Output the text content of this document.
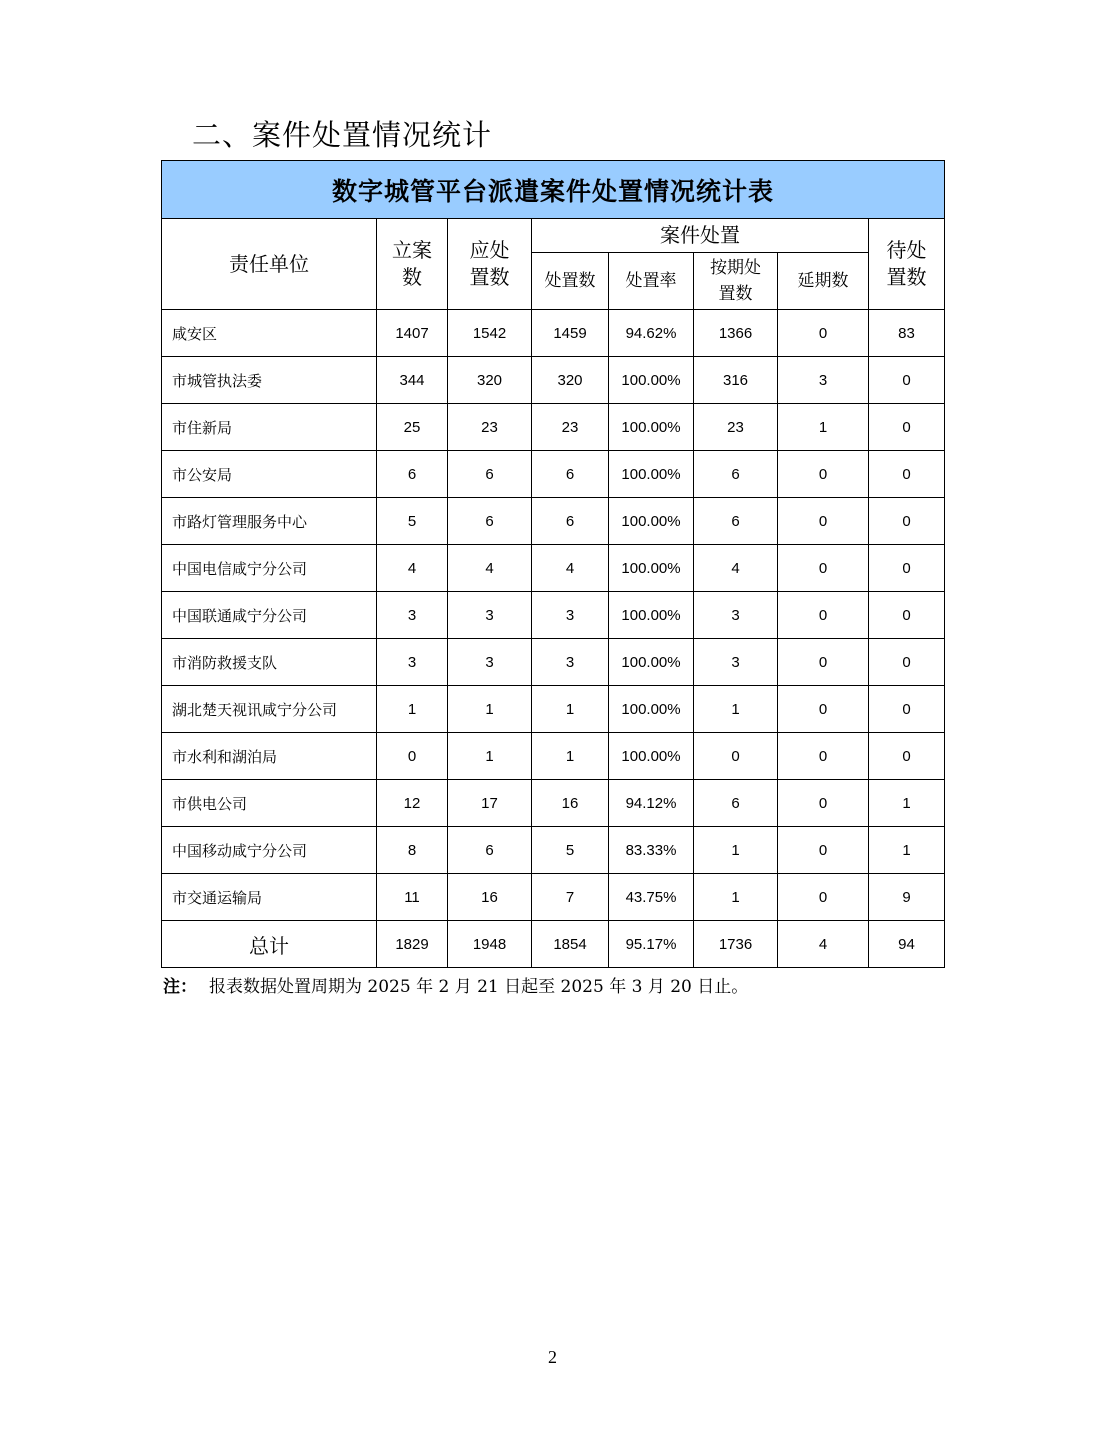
二、案件处置情况统计
数字城管平台派遣案件处置情况统计表							
责任单位	立案数	应处置数	案件处置				待处置数

			处置数	处置率	按期处置数	延期数	
咸安区	1407	1542	1459	94.62%	1366	0	83
市城管执法委	344	320	320	100.00%	316	3	0
市住新局	25	23	23	100.00%	23	1	0
市公安局	6	6	6	100.00%	6	0	0
市路灯管理服务中心	5	6	6	100.00%	6	0	0
中国电信咸宁分公司	4	4	4	100.00%	4	0	0
中国联通咸宁分公司	3	3	3	100.00%	3	0	0
市消防救援支队	3	3	3	100.00%	3	0	0
湖北楚天视讯咸宁分公司	1	1	1	100.00%	1	0	0
市水利和湖泊局	0	1	1	100.00%	0	0	0
市供电公司	12	17	16	94.12%	6	0	1
中国移动咸宁分公司	8	6	5	83.33%	1	0	1
市交通运输局	11	16	7	43.75%	1	0	9
总计	1829	1948	1854	95.17%	1736	4	94
注： 报表数据处置周期为 2025 年 2 月 21 日起至 2025 年 3 月 20 日止。
2
